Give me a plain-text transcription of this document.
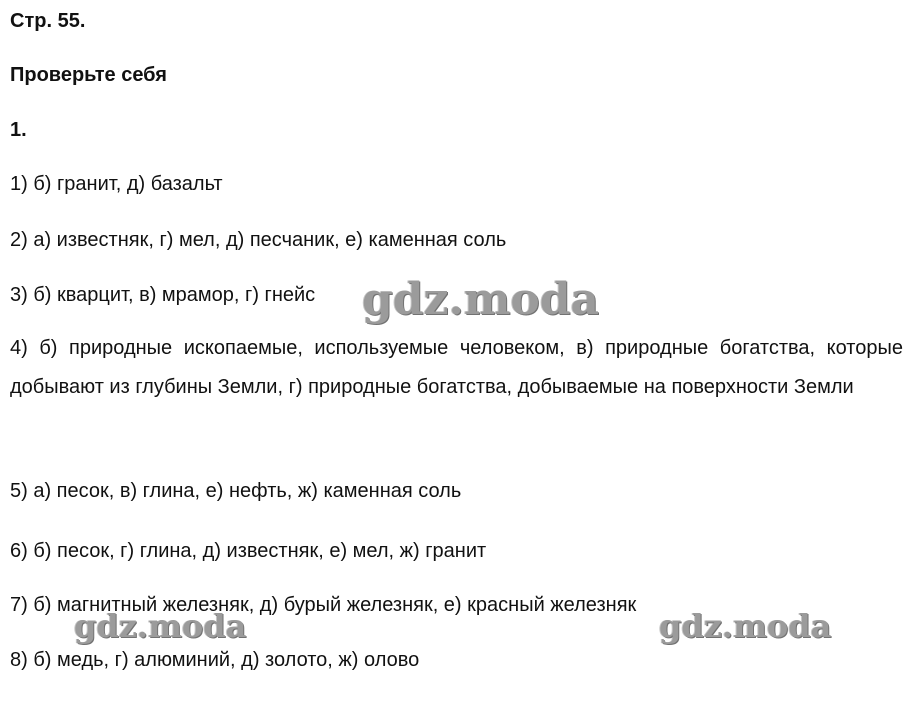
Стр. 55.
Проверьте себя
1.
1) б) гранит, д) базальт
2) а) известняк, г) мел, д) песчаник, е) каменная соль
3) б) кварцит, в) мрамор, г) гнейс
4) б) природные ископаемые, используемые человеком, в) природные богатства, которые добывают из глубины Земли, г) природные богатства, добываемые на поверхности Земли
5) а) песок, в) глина, е) нефть, ж) каменная соль
6) б) песок, г) глина, д) известняк, е) мел, ж) гранит
7) б) магнитный железняк, д) бурый железняк, е) красный железняк
8) б) медь, г) алюминий, д) золото, ж) олово
gdz.moda
gdz.moda	gdz.moda
